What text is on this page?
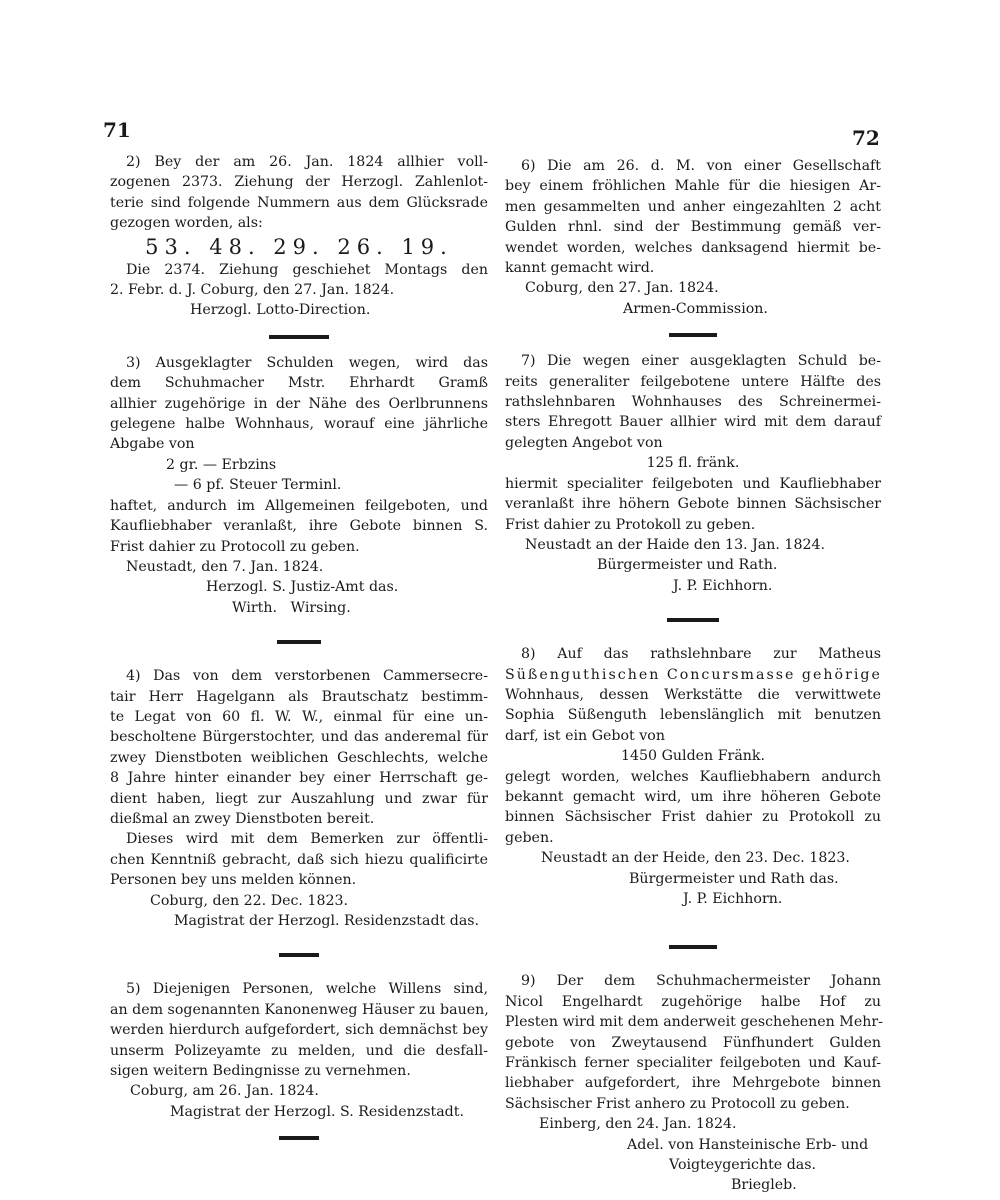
71	72

2) Bey der am 26. Jan. 1824 allhier voll-

zogenen 2373. Ziehung der Herzogl. Zahlenlot-

terie sind folgende Nummern aus dem Glücksrade

gezogen worden, als:

53. 48. 29. 26. 19.

Die 2374. Ziehung geschiehet Montags den

2. Febr. d. J. Coburg, den 27. Jan. 1824.

Herzogl. Lotto-Direction.

3) Ausgeklagter Schulden wegen, wird das

dem Schuhmacher Mstr. Ehrhardt Gramß

allhier zugehörige in der Nähe des Oerlbrunnens

gelegene halbe Wohnhaus, worauf eine jährliche

Abgabe von

2 gr. — Erbzins

— 6 pf. Steuer Terminl.

haftet, andurch im Allgemeinen feilgeboten, und

Kaufliebhaber veranlaßt, ihre Gebote binnen S.

Frist dahier zu Protocoll zu geben.

Neustadt, den 7. Jan. 1824.

Herzogl. S. Justiz-Amt das.

Wirth.   Wirsing.

4) Das von dem verstorbenen Cammersecre-

tair Herr Hagelgann als Brautschatz bestimm-

te Legat von 60 fl. W. W., einmal für eine un-

bescholtene Bürgerstochter, und das anderemal für

zwey Dienstboten weiblichen Geschlechts, welche

8 Jahre hinter einander bey einer Herrschaft ge-

dient haben, liegt zur Auszahlung und zwar für

dießmal an zwey Dienstboten bereit.

Dieses wird mit dem Bemerken zur öffentli-

chen Kenntniß gebracht, daß sich hiezu qualificirte

Personen bey uns melden können.

Coburg, den 22. Dec. 1823.

Magistrat der Herzogl. Residenzstadt das.

5) Diejenigen Personen, welche Willens sind,

an dem sogenannten Kanonenweg Häuser zu bauen,

werden hierdurch aufgefordert, sich demnächst bey

unserm Polizeyamte zu melden, und die desfall-

sigen weitern Bedingnisse zu vernehmen.

Coburg, am 26. Jan. 1824.

Magistrat der Herzogl. S. Residenzstadt.

6) Die am 26. d. M. von einer Gesellschaft

bey einem fröhlichen Mahle für die hiesigen Ar-

men gesammelten und anher eingezahlten 2 acht

Gulden rhnl. sind der Bestimmung gemäß ver-

wendet worden, welches danksagend hiermit be-

kannt gemacht wird.

Coburg, den 27. Jan. 1824.

Armen-Commission.

7) Die wegen einer ausgeklagten Schuld be-

reits generaliter feilgebotene untere Hälfte des

rathslehnbaren Wohnhauses des Schreinermei-

sters Ehregott Bauer allhier wird mit dem darauf

gelegten Angebot von

125 fl. fränk.

hiermit specialiter feilgeboten und Kaufliebhaber

veranlaßt ihre höhern Gebote binnen Sächsischer

Frist dahier zu Protokoll zu geben.

Neustadt an der Haide den 13. Jan. 1824.

Bürgermeister und Rath.

J. P. Eichhorn.

8) Auf das rathslehnbare zur Matheus

Süßenguthischen Concursmasse gehörige

Wohnhaus, dessen Werkstätte die verwittwete

Sophia Süßenguth lebenslänglich mit benutzen

darf, ist ein Gebot von

1450 Gulden Fränk.

gelegt worden, welches Kaufliebhabern andurch

bekannt gemacht wird, um ihre höheren Gebote

binnen Sächsischer Frist dahier zu Protokoll zu

geben.

Neustadt an der Heide, den 23. Dec. 1823.

Bürgermeister und Rath das.

J. P. Eichhorn.

9) Der dem Schuhmachermeister Johann

Nicol Engelhardt zugehörige halbe Hof zu

Plesten wird mit dem anderweit geschehenen Mehr-

gebote von Zweytausend Fünfhundert Gulden

Fränkisch ferner specialiter feilgeboten und Kauf-

liebhaber aufgefordert, ihre Mehrgebote binnen

Sächsischer Frist anhero zu Protocoll zu geben.

Einberg, den 24. Jan. 1824.

Adel. von Hansteinische Erb- und

Voigteygerichte das.

Briegleb.
